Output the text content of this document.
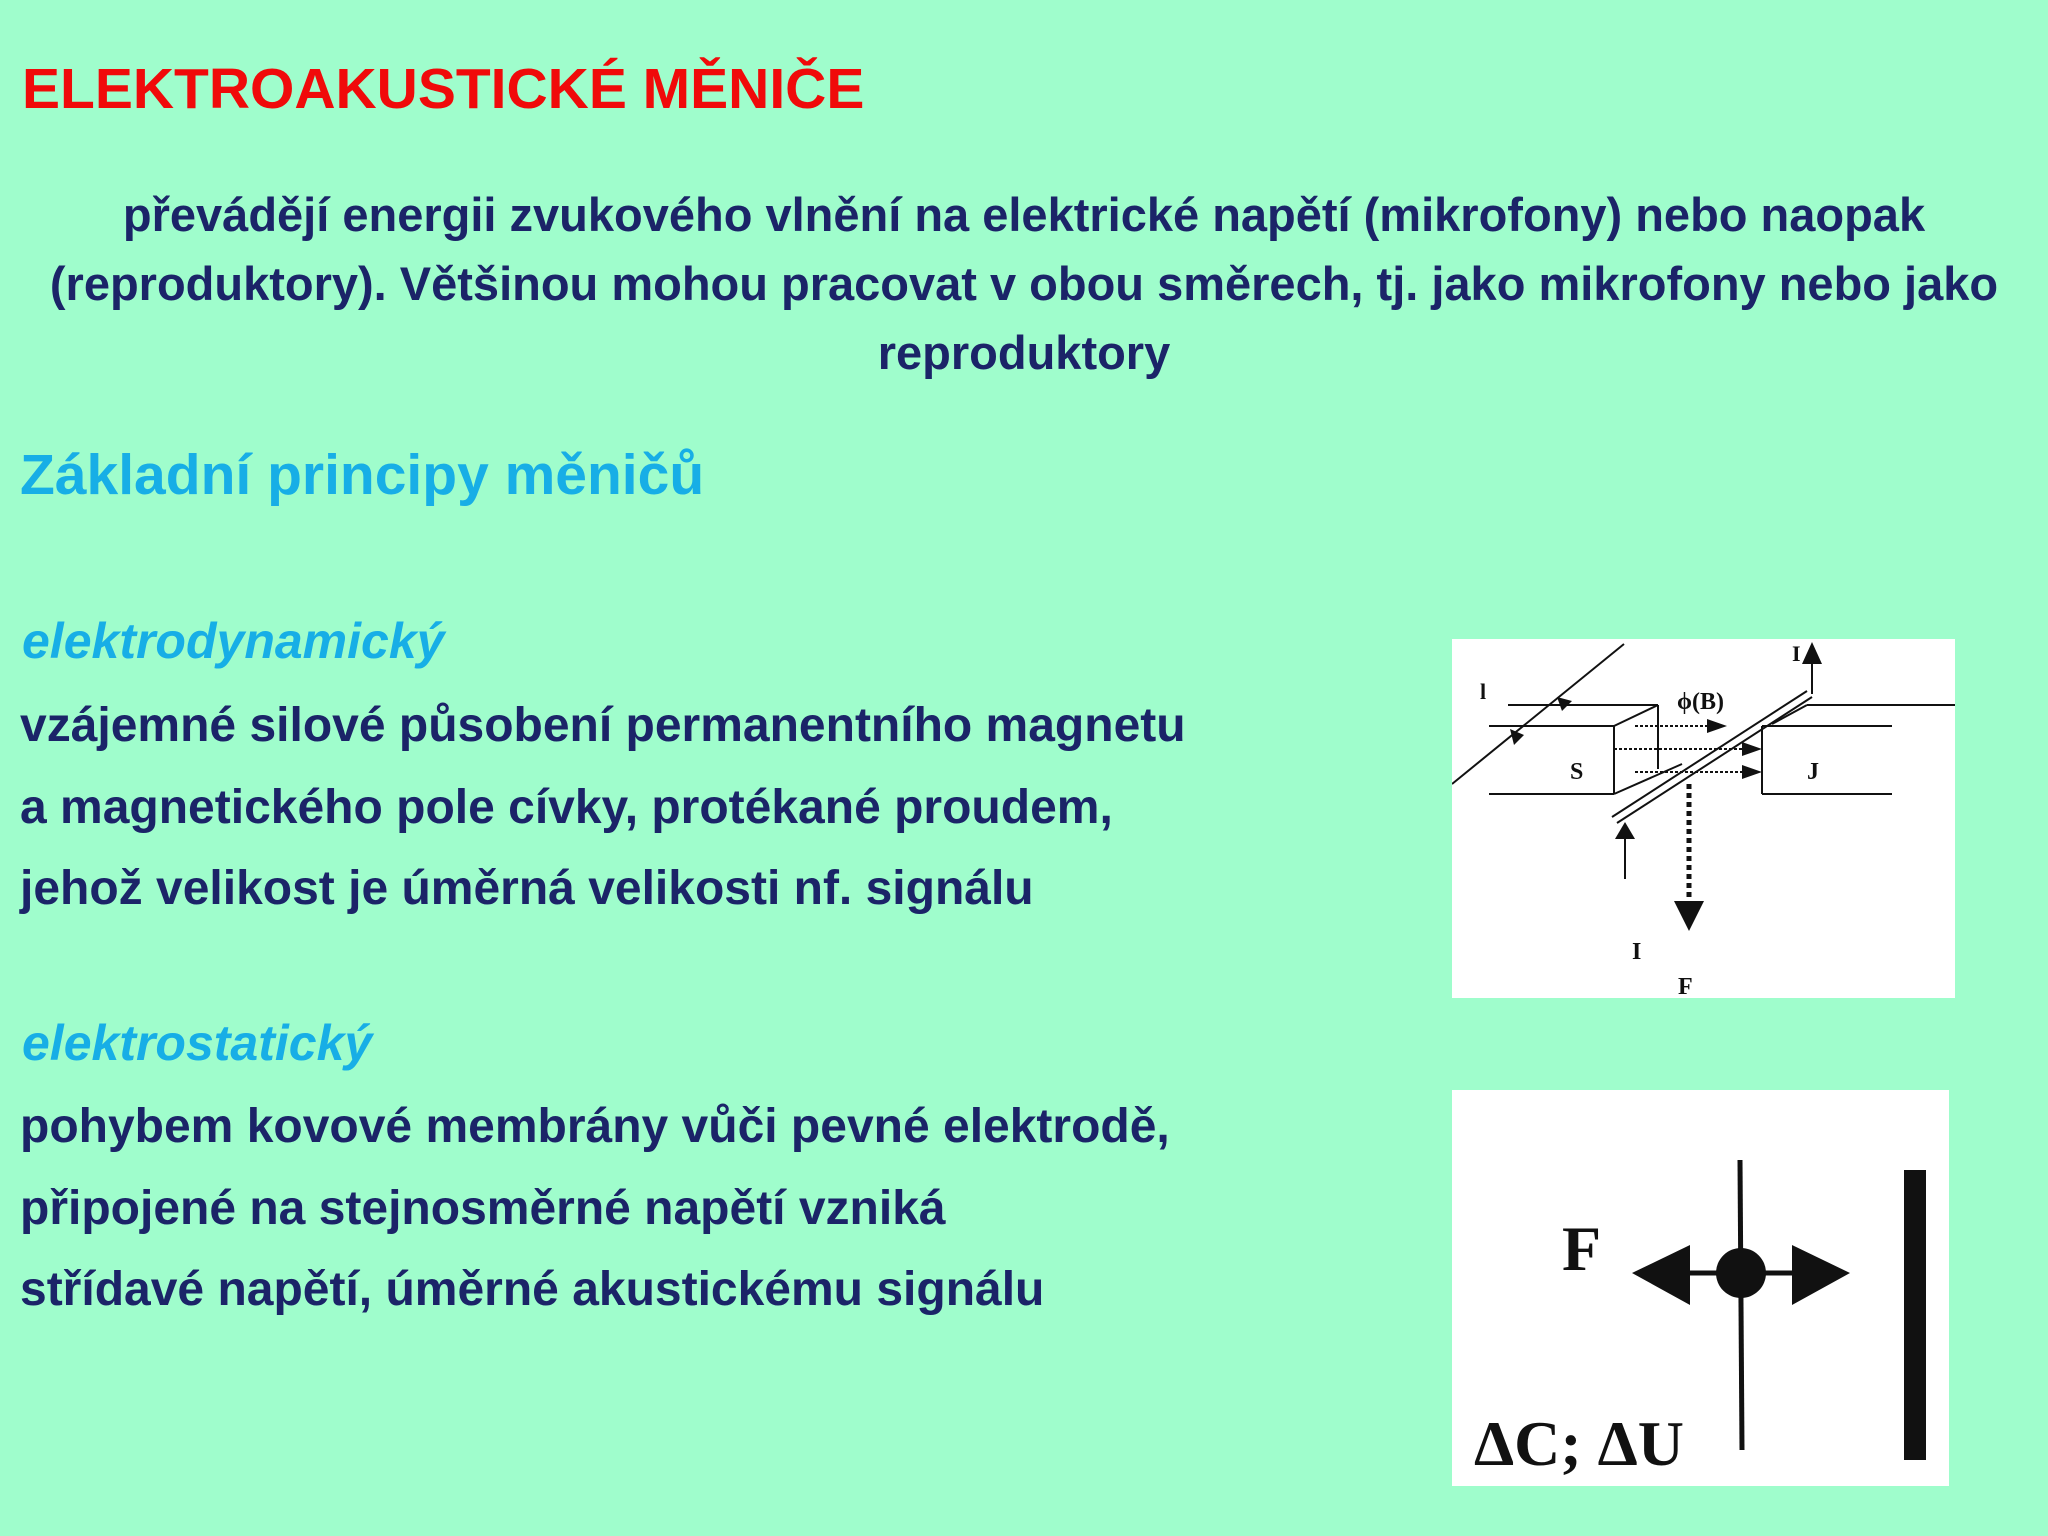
ELEKTROAKUSTICKÉ MĚNIČE
převádějí energii zvukového vlnění na elektrické napětí (mikrofony) nebo naopak (reproduktory). Většinou mohou pracovat v obou směrech, tj. jako mikrofony nebo jako reproduktory
Základní principy měničů
elektrodynamický
vzájemné silové působení permanentního magnetu
a magnetického pole cívky, protékané proudem,
jehož velikost je úměrná velikosti nf. signálu
elektrostatický
pohybem kovové membrány vůči pevné elektrodě,
připojené na stejnosměrné napětí vzniká
střídavé napětí, úměrné akustickému signálu
l
S
ϕ(B)
J
I
I
F
F
ΔC; ΔU
